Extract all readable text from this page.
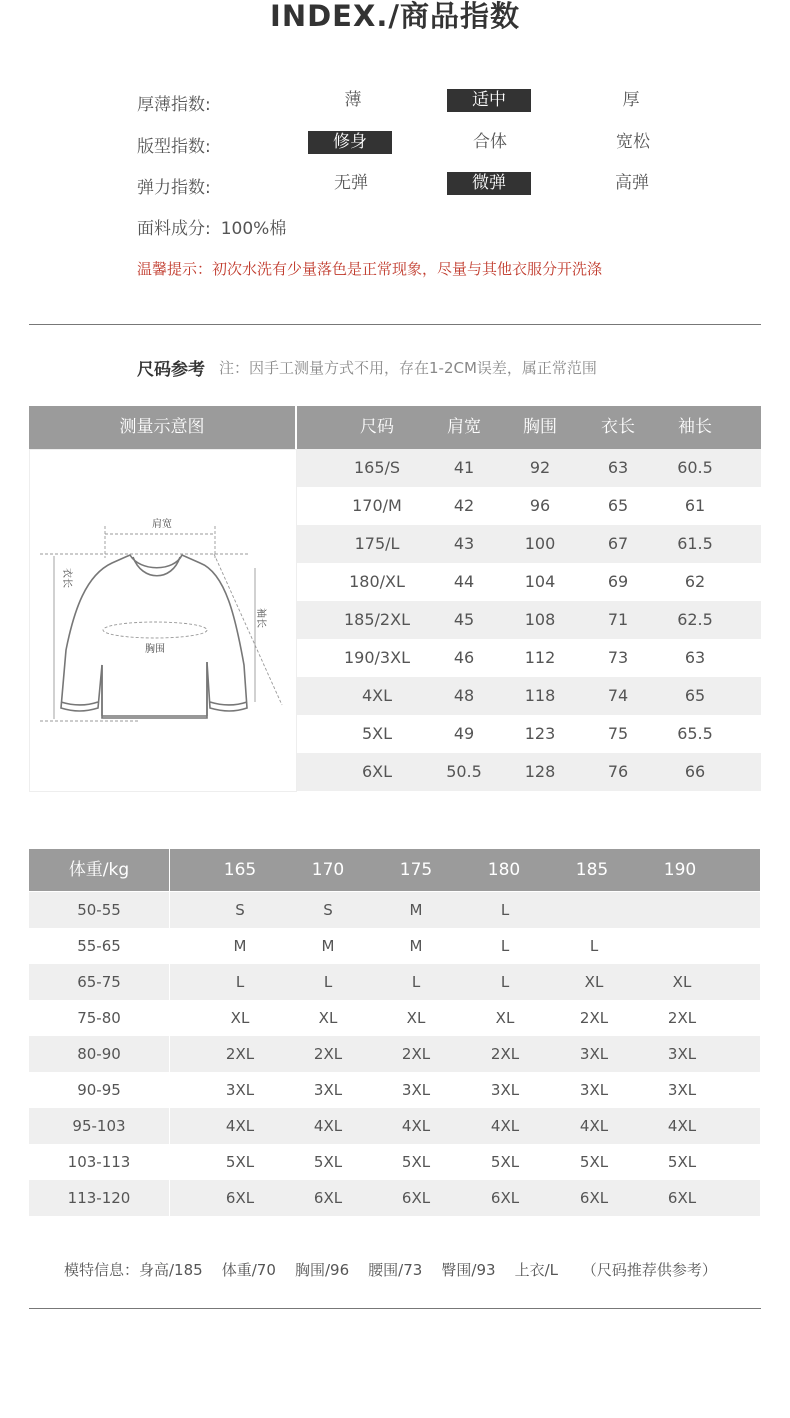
INDEX./商品指数
厚薄指数:	薄	适中	厚
版型指数:	修身	合体	宽松
弹力指数:	无弹	微弹	高弹
面料成分: 100%棉
温馨提示：初次水洗有少量落色是正常现象，尽量与其他衣服分开洗涤
尺码参考 注：因手工测量方式不用，存在1-2CM误差，属正常范围
测量示意图	尺码	肩宽	胸围	衣长	袖长
肩宽
胸围
衣长
袖长
165/S	41	92	63	60.5
170/M	42	96	65	61
175/L	43	100	67	61.5
180/XL	44	104	69	62
185/2XL	45	108	71	62.5
190/3XL	46	112	73	63
4XL	48	118	74	65
5XL	49	123	75	65.5
6XL	50.5	128	76	66
体重/kg	165	170	175	180	185	190
50-55	S	S	M	L
55-65	M	M	M	L	L
65-75	L	L	L	L	XL	XL
75-80	XL	XL	XL	XL	2XL	2XL
80-90	2XL	2XL	2XL	2XL	3XL	3XL
90-95	3XL	3XL	3XL	3XL	3XL	3XL
95-103	4XL	4XL	4XL	4XL	4XL	4XL
103-113	5XL	5XL	5XL	5XL	5XL	5XL
113-120	6XL	6XL	6XL	6XL	6XL	6XL
模特信息：身高/185    体重/70    胸围/96    腰围/73    臀围/93    上衣/L     （尺码推荐供参考）
